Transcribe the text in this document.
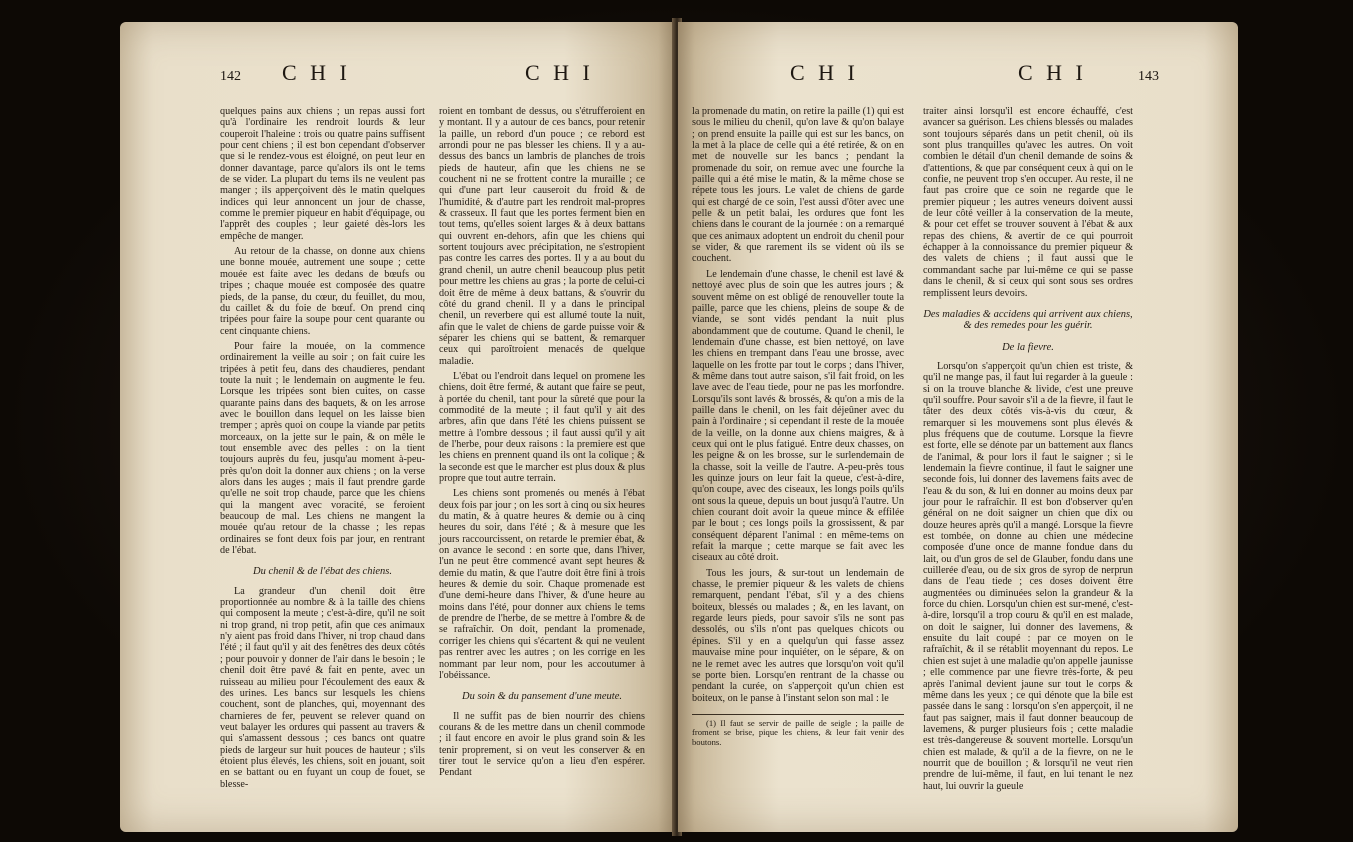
142 C H I	C H I

quelques pains aux chiens ; un repas aussi fort qu'à l'ordinaire les rendroit lourds & leur couperoit l'haleine : trois ou quatre pains suffisent pour cent chiens ; il est bon cependant d'observer que si le rendez-vous est éloigné, on peut leur en donner davantage, parce qu'alors ils ont le tems de se vider. La plupart du tems ils ne veulent pas manger ; ils apperçoivent dès le matin quelques indices qui leur annoncent un jour de chasse, comme le premier piqueur en habit d'équipage, ou l'apprêt des couples ; leur gaieté dès-lors les empêche de manger.

Au retour de la chasse, on donne aux chiens une bonne mouée, autrement une soupe ; cette mouée est faite avec les dedans de bœufs ou tripes ; chaque mouée est composée des quatre pieds, de la panse, du cœur, du feuillet, du mou, du caillet & du foie de bœuf. On prend cinq tripées pour faire la soupe pour cent quarante ou cent cinquante chiens.

Pour faire la mouée, on la commence ordinairement la veille au soir ; on fait cuire les tripées à petit feu, dans des chaudieres, pendant toute la nuit ; le lendemain on augmente le feu. Lorsque les tripées sont bien cuites, on casse quarante pains dans des baquets, & on les arrose avec le bouillon dans lequel on les laisse bien tremper ; après quoi on coupe la viande par petits morceaux, on la jette sur le pain, & on mêle le tout ensemble avec des pelles : on la tient toujours auprès du feu, jusqu'au moment à-peu-près qu'on doit la donner aux chiens ; on la verse alors dans les auges ; mais il faut prendre garde qu'elle ne soit trop chaude, parce que les chiens qui la mangent avec voracité, se feroient beaucoup de mal. Les chiens ne mangent la mouée qu'au retour de la chasse ; les repas ordinaires se font deux fois par jour, en rentrant de l'ébat.

Du chenil & de l'ébat des chiens.

La grandeur d'un chenil doit être proportionnée au nombre & à la taille des chiens qui composent la meute ; c'est-à-dire, qu'il ne soit ni trop grand, ni trop petit, afin que ces animaux n'y aient pas froid dans l'hiver, ni trop chaud dans l'été ; il faut qu'il y ait des fenêtres des deux côtés ; pour pouvoir y donner de l'air dans le besoin ; le chenil doit être pavé & fait en pente, avec un ruisseau au milieu pour l'écoulement des eaux & des urines. Les bancs sur lesquels les chiens couchent, sont de planches, qui, moyennant des charnieres de fer, peuvent se relever quand on veut balayer les ordures qui passent au travers & qui s'amassent dessous ; ces bancs ont quatre pieds de largeur sur huit pouces de hauteur ; s'ils étoient plus élevés, les chiens, soit en jouant, soit en se battant ou en fuyant un coup de fouet, se blesse-

roient en tombant de dessus, ou s'étrufferoient en y montant. Il y a autour de ces bancs, pour retenir la paille, un rebord d'un pouce ; ce rebord est arrondi pour ne pas blesser les chiens. Il y a au-dessus des bancs un lambris de planches de trois pieds de hauteur, afin que les chiens ne se couchent ni ne se frottent contre la muraille ; ce qui d'une part leur causeroit du froid & de l'humidité, & d'autre part les rendroit mal-propres & crasseux. Il faut que les portes ferment bien en tout tems, qu'elles soient larges & à deux battans qui ouvrent en-dehors, afin que les chiens qui sortent toujours avec précipitation, ne s'estropient pas contre les carres des portes. Il y a au bout du grand chenil, un autre chenil beaucoup plus petit pour mettre les chiens au gras ; la porte de celui-ci doit être de même à deux battans, & s'ouvrir du côté du grand chenil. Il y a dans le principal chenil, un reverbere qui est allumé toute la nuit, afin que le valet de chiens de garde puisse voir & séparer les chiens qui se battent, & remarquer ceux qui paroîtroient menacés de quelque maladie.

L'ébat ou l'endroit dans lequel on promene les chiens, doit être fermé, & autant que faire se peut, à portée du chenil, tant pour la sûreté que pour la commodité de la meute ; il faut qu'il y ait des arbres, afin que dans l'été les chiens puissent se mettre à l'ombre dessous ; il faut aussi qu'il y ait de l'herbe, pour deux raisons : la premiere est que les chiens en prennent quand ils ont la colique ; & la seconde est que le marcher est plus doux & plus propre que tout autre terrain.

Les chiens sont promenés ou menés à l'ébat deux fois par jour ; on les sort à cinq ou six heures du matin, & à quatre heures & demie ou à cinq heures du soir, dans l'été ; & à mesure que les jours raccourcissent, on retarde le premier ébat, & on avance le second : en sorte que, dans l'hiver, l'un ne peut être commencé avant sept heures & demie du matin, & que l'autre doit être fini à trois heures & demie du soir. Chaque promenade est d'une demi-heure dans l'hiver, & d'une heure au moins dans l'été, pour donner aux chiens le tems de prendre de l'herbe, de se mettre à l'ombre & de se rafraîchir. On doit, pendant la promenade, corriger les chiens qui s'écartent & qui ne veulent pas rentrer avec les autres ; on les corrige en les nommant par leur nom, pour les accoutumer à l'obéissance.

Du soin & du pansement d'une meute.

Il ne suffit pas de bien nourrir des chiens courans & de les mettre dans un chenil commode ; il faut encore en avoir le plus grand soin & les tenir proprement, si on veut les conserver & en tirer tout le service qu'on a lieu d'en espérer. Pendant

C H I	C H I	143

la promenade du matin, on retire la paille (1) qui est sous le milieu du chenil, qu'on lave & qu'on balaye ; on prend ensuite la paille qui est sur les bancs, on la met à la place de celle qui a été retirée, & on en met de nouvelle sur les bancs ; pendant la promenade du soir, on remue avec une fourche la paille qui a été mise le matin, & la même chose se répete tous les jours. Le valet de chiens de garde qui est chargé de ce soin, l'est aussi d'ôter avec une pelle & un petit balai, les ordures que font les chiens dans le courant de la journée : on a remarqué que ces animaux adoptent un endroit du chenil pour se vider, & que rarement ils se vident où ils se couchent.

Le lendemain d'une chasse, le chenil est lavé & nettoyé avec plus de soin que les autres jours ; & souvent même on est obligé de renouveller toute la paille, parce que les chiens, pleins de soupe & de viande, se sont vidés pendant la nuit plus abondamment que de coutume. Quand le chenil, le lendemain d'une chasse, est bien nettoyé, on lave les chiens en trempant dans l'eau une brosse, avec laquelle on les frotte par tout le corps ; dans l'hiver, & même dans tout autre saison, s'il fait froid, on les lave avec de l'eau tiede, pour ne pas les morfondre. Lorsqu'ils sont lavés & brossés, & qu'on a mis de la paille dans le chenil, on les fait déjeûner avec du pain à l'ordinaire ; si cependant il reste de la mouée de la veille, on la donne aux chiens maigres, & à ceux qui ont le plus fatigué. Entre deux chasses, on les peigne & on les brosse, sur le surlendemain de la chasse, soit la veille de l'autre. A-peu-près tous les quinze jours on leur fait la queue, c'est-à-dire, qu'on coupe, avec des ciseaux, les longs poils qu'ils ont sous la queue, depuis un bout jusqu'à l'autre. Un chien courant doit avoir la queue mince & effilée par le bout ; ces longs poils la grossissent, & par conséquent déparent l'animal : en même-tems on refait la marque ; cette marque se fait avec les ciseaux au côté droit.

Tous les jours, & sur-tout un lendemain de chasse, le premier piqueur & les valets de chiens remarquent, pendant l'ébat, s'il y a des chiens boiteux, blessés ou malades ; &, en les lavant, on regarde leurs pieds, pour savoir s'ils ne sont pas dessolés, ou s'ils n'ont pas quelques chicots ou épines. S'il y en a quelqu'un qui fasse assez mauvaise mine pour inquiéter, on le sépare, & on ne le remet avec les autres que lorsqu'on voit qu'il se porte bien. Lorsqu'en rentrant de la chasse ou pendant la curée, on s'apperçoit qu'un chien est boiteux, on le panse à l'instant selon son mal : le

(1) Il faut se servir de paille de seigle ; la paille de froment se brise, pique les chiens, & leur fait venir des boutons.

traiter ainsi lorsqu'il est encore échauffé, c'est avancer sa guérison. Les chiens blessés ou malades sont toujours séparés dans un petit chenil, où ils sont plus tranquilles qu'avec les autres. On voit combien le détail d'un chenil demande de soins & d'attentions, & que par conséquent ceux à qui on le confie, ne peuvent trop s'en occuper. Au reste, il ne faut pas croire que ce soin ne regarde que le premier piqueur ; les autres veneurs doivent aussi de leur côté veiller à la conservation de la meute, & pour cet effet se trouver souvent à l'ébat & aux repas des chiens, & avertir de ce qui pourroit échapper à la connoissance du premier piqueur & des valets de chiens ; il faut aussi que le commandant sache par lui-même ce qui se passe dans le chenil, & si ceux qui sont sous ses ordres remplissent leurs devoirs.

Des maladies & accidens qui arrivent aux chiens, & des remedes pour les guérir.
De la fievre.

Lorsqu'on s'apperçoit qu'un chien est triste, & qu'il ne mange pas, il faut lui regarder à la gueule : si on la trouve blanche & livide, c'est une preuve qu'il souffre. Pour savoir s'il a de la fievre, il faut le tâter des deux côtés vis-à-vis du cœur, & remarquer si les mouvemens sont plus élevés & plus fréquens que de coutume. Lorsque la fievre est forte, elle se dénote par un battement aux flancs de l'animal, & pour lors il faut le saigner ; si le lendemain la fievre continue, il faut le saigner une seconde fois, lui donner des lavemens faits avec de l'eau & du son, & lui en donner au moins deux par jour pour le rafraîchir. Il est bon d'observer qu'en général on ne doit saigner un chien que dix ou douze heures après qu'il a mangé. Lorsque la fievre est tombée, on donne au chien une médecine composée d'une once de manne fondue dans du lait, ou d'un gros de sel de Glauber, fondu dans une cuillerée d'eau, ou de six gros de syrop de nerprun dans de l'eau tiede ; ces doses doivent être augmentées ou diminuées selon la grandeur & la force du chien. Lorsqu'un chien est sur-mené, c'est-à-dire, lorsqu'il a trop couru & qu'il en est malade, on doit le saigner, lui donner des lavemens, & ensuite du lait coupé : par ce moyen on le rafraîchit, & il se rétablit moyennant du repos. Le chien est sujet à une maladie qu'on appelle jaunisse ; elle commence par une fievre très-forte, & peu après l'animal devient jaune sur tout le corps & même dans les yeux ; ce qui dénote que la bile est passée dans le sang : lorsqu'on s'en apperçoit, il ne faut pas saigner, mais il faut donner beaucoup de lavemens, & purger plusieurs fois ; cette maladie est très-dangereuse & souvent mortelle. Lorsqu'un chien est malade, & qu'il a de la fievre, on ne le nourrit que de bouillon ; & lorsqu'il ne veut rien prendre de lui-même, il faut, en lui tenant le nez haut, lui ouvrir la gueule
